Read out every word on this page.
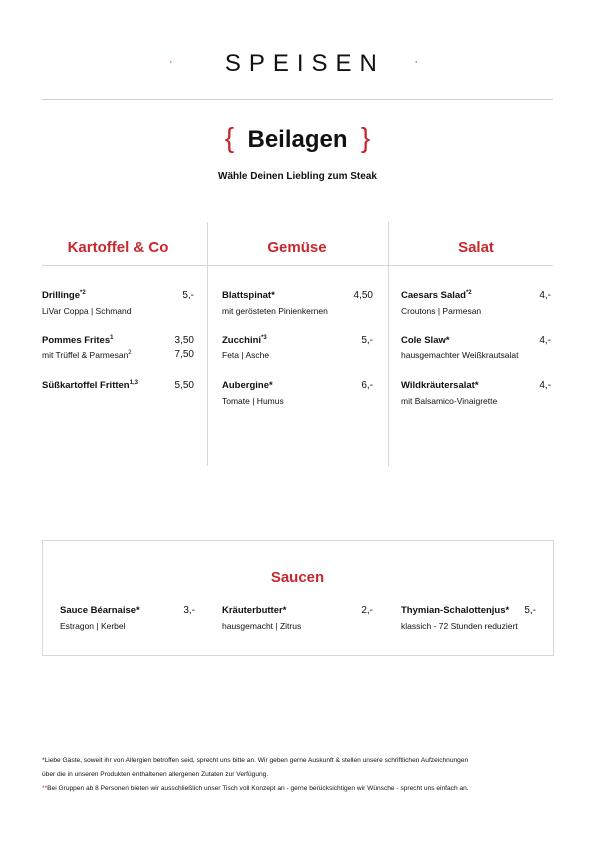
· SPEISEN ·
{ Beilagen }
Wähle Deinen Liebling zum Steak
Kartoffel & Co	Gemüse	Salat
Drillinge$^{*2}$	5,-
LiVar Coppa | Schmand
Pommes Frites$^1$	3,50
mit Trüffel & Parmesan$^2$	7,50
Süßkartoffel Fritten$^{1,3}$	5,50
Blattspinat*	4,50
mit gerösteten Pinienkernen
Zucchini$^{*3}$	5,-
Feta | Asche
Aubergine*	6,-
Tomate | Humus
Caesars Salad$^{*2}$	4,-
Croutons | Parmesan
Cole Slaw*	4,-
hausgemachter Weißkrautsalat
Wildkräutersalat*	4,-
mit Balsamico-Vinaigrette
Saucen
Sauce Béarnaise*	3,-
Estragon | Kerbel
Kräuterbutter*	2,-
hausgemacht | Zitrus
Thymian-Schalottenjus*	5,-
klassich - 72 Stunden reduziert
*Liebe Gäste, soweit ihr von Allergien betroffen seid, sprecht uns bitte an. Wir geben gerne Auskunft & stellen unsere schriftlichen Aufzeichnungen
über die in unseren Produkten enthaltenen allergenen Zutaten zur Verfügung.
**Bei Gruppen ab 8 Personen bieten wir ausschließlich unser Tisch voll Konzept an - gerne berücksichtigen wir Wünsche - sprecht uns einfach an.
